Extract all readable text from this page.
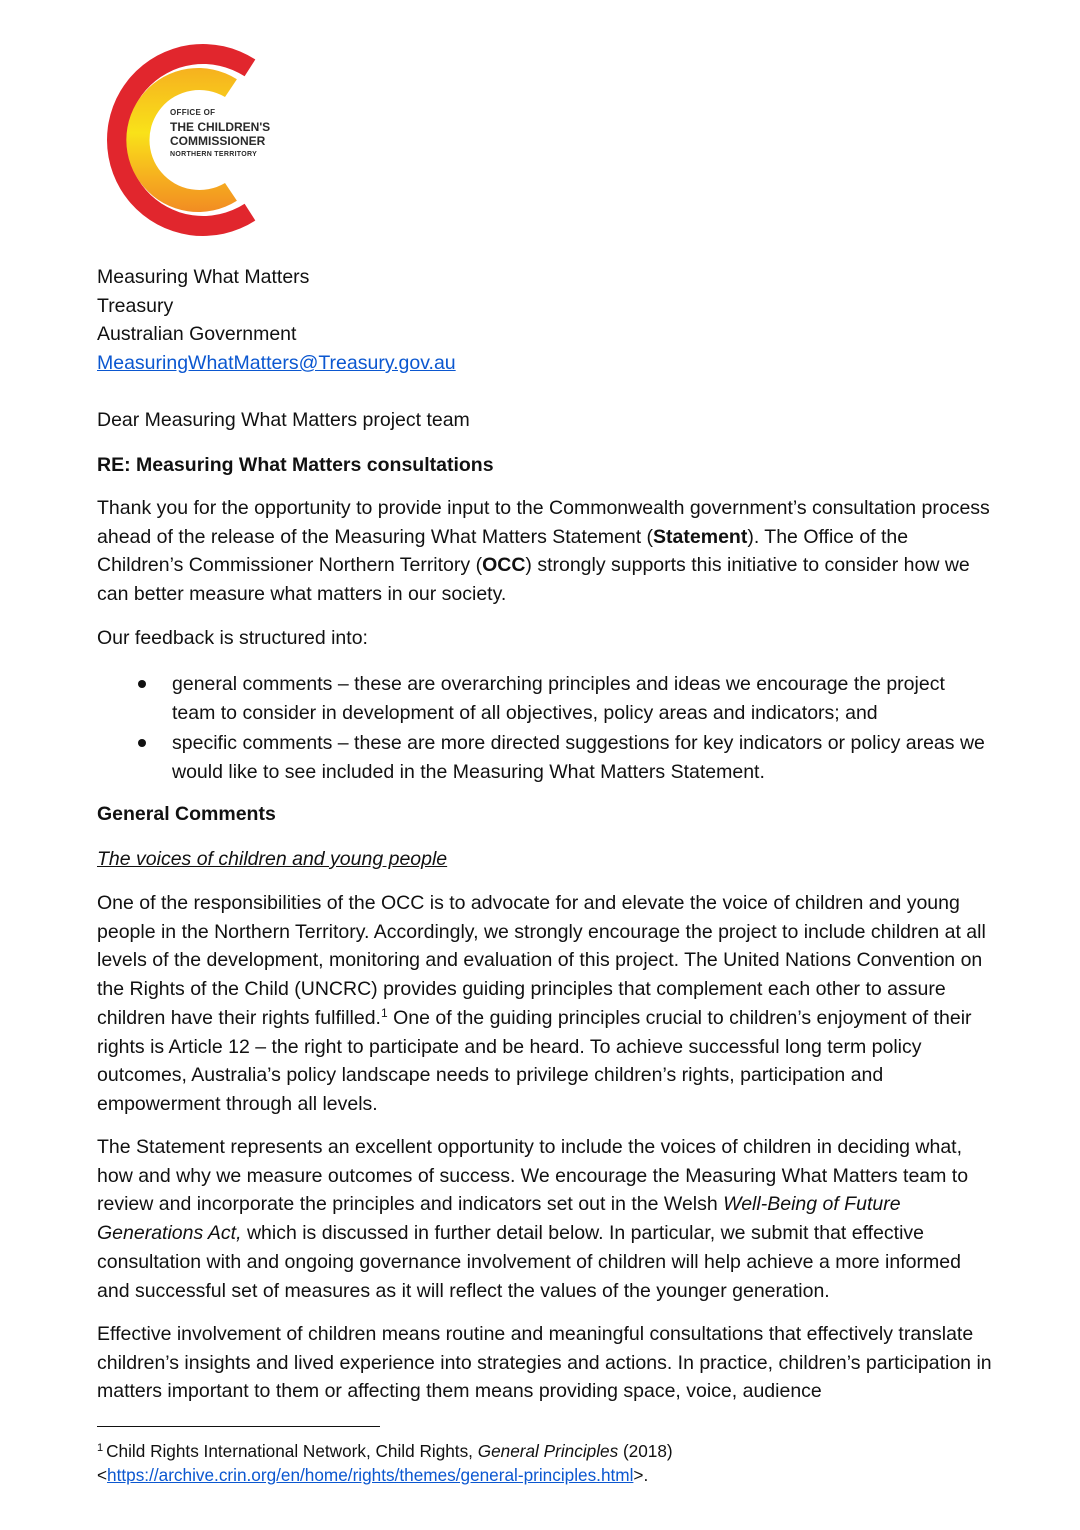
OFFICE OF
THE CHILDREN'S
COMMISSIONER
NORTHERN TERRITORY
Measuring What Matters
Treasury
Australian Government
MeasuringWhatMatters@Treasury.gov.au
Dear Measuring What Matters project team
RE: Measuring What Matters consultations
Thank you for the opportunity to provide input to the Commonwealth government’s consultation process ahead of the release of the Measuring What Matters Statement (Statement). The Office of the Children’s Commissioner Northern Territory (OCC) strongly supports this initiative to consider how we can better measure what matters in our society.
Our feedback is structured into:
general comments – these are overarching principles and ideas we encourage the project team to consider in development of all objectives, policy areas and indicators; and
specific comments – these are more directed suggestions for key indicators or policy areas we would like to see included in the Measuring What Matters Statement.
General Comments
The voices of children and young people
One of the responsibilities of the OCC is to advocate for and elevate the voice of children and young people in the Northern Territory. Accordingly, we strongly encourage the project to include children at all levels of the development, monitoring and evaluation of this project. The United Nations Convention on the Rights of the Child (UNCRC) provides guiding principles that complement each other to assure children have their rights fulfilled.$^1$ One of the guiding principles crucial to children’s enjoyment of their rights is Article 12 – the right to participate and be heard. To achieve successful long term policy outcomes, Australia’s policy landscape needs to privilege children’s rights, participation and empowerment through all levels.
The Statement represents an excellent opportunity to include the voices of children in deciding what, how and why we measure outcomes of success. We encourage the Measuring What Matters team to review and incorporate the principles and indicators set out in the Welsh Well-Being of Future Generations Act, which is discussed in further detail below. In particular, we submit that effective consultation with and ongoing governance involvement of children will help achieve a more informed and successful set of measures as it will reflect the values of the younger generation.
Effective involvement of children means routine and meaningful consultations that effectively translate children’s insights and lived experience into strategies and actions. In practice, children’s participation in matters important to them or affecting them means providing space, voice, audience
$^1$ Child Rights International Network, Child Rights, General Principles (2018)
<https://archive.crin.org/en/home/rights/themes/general-principles.html>.
